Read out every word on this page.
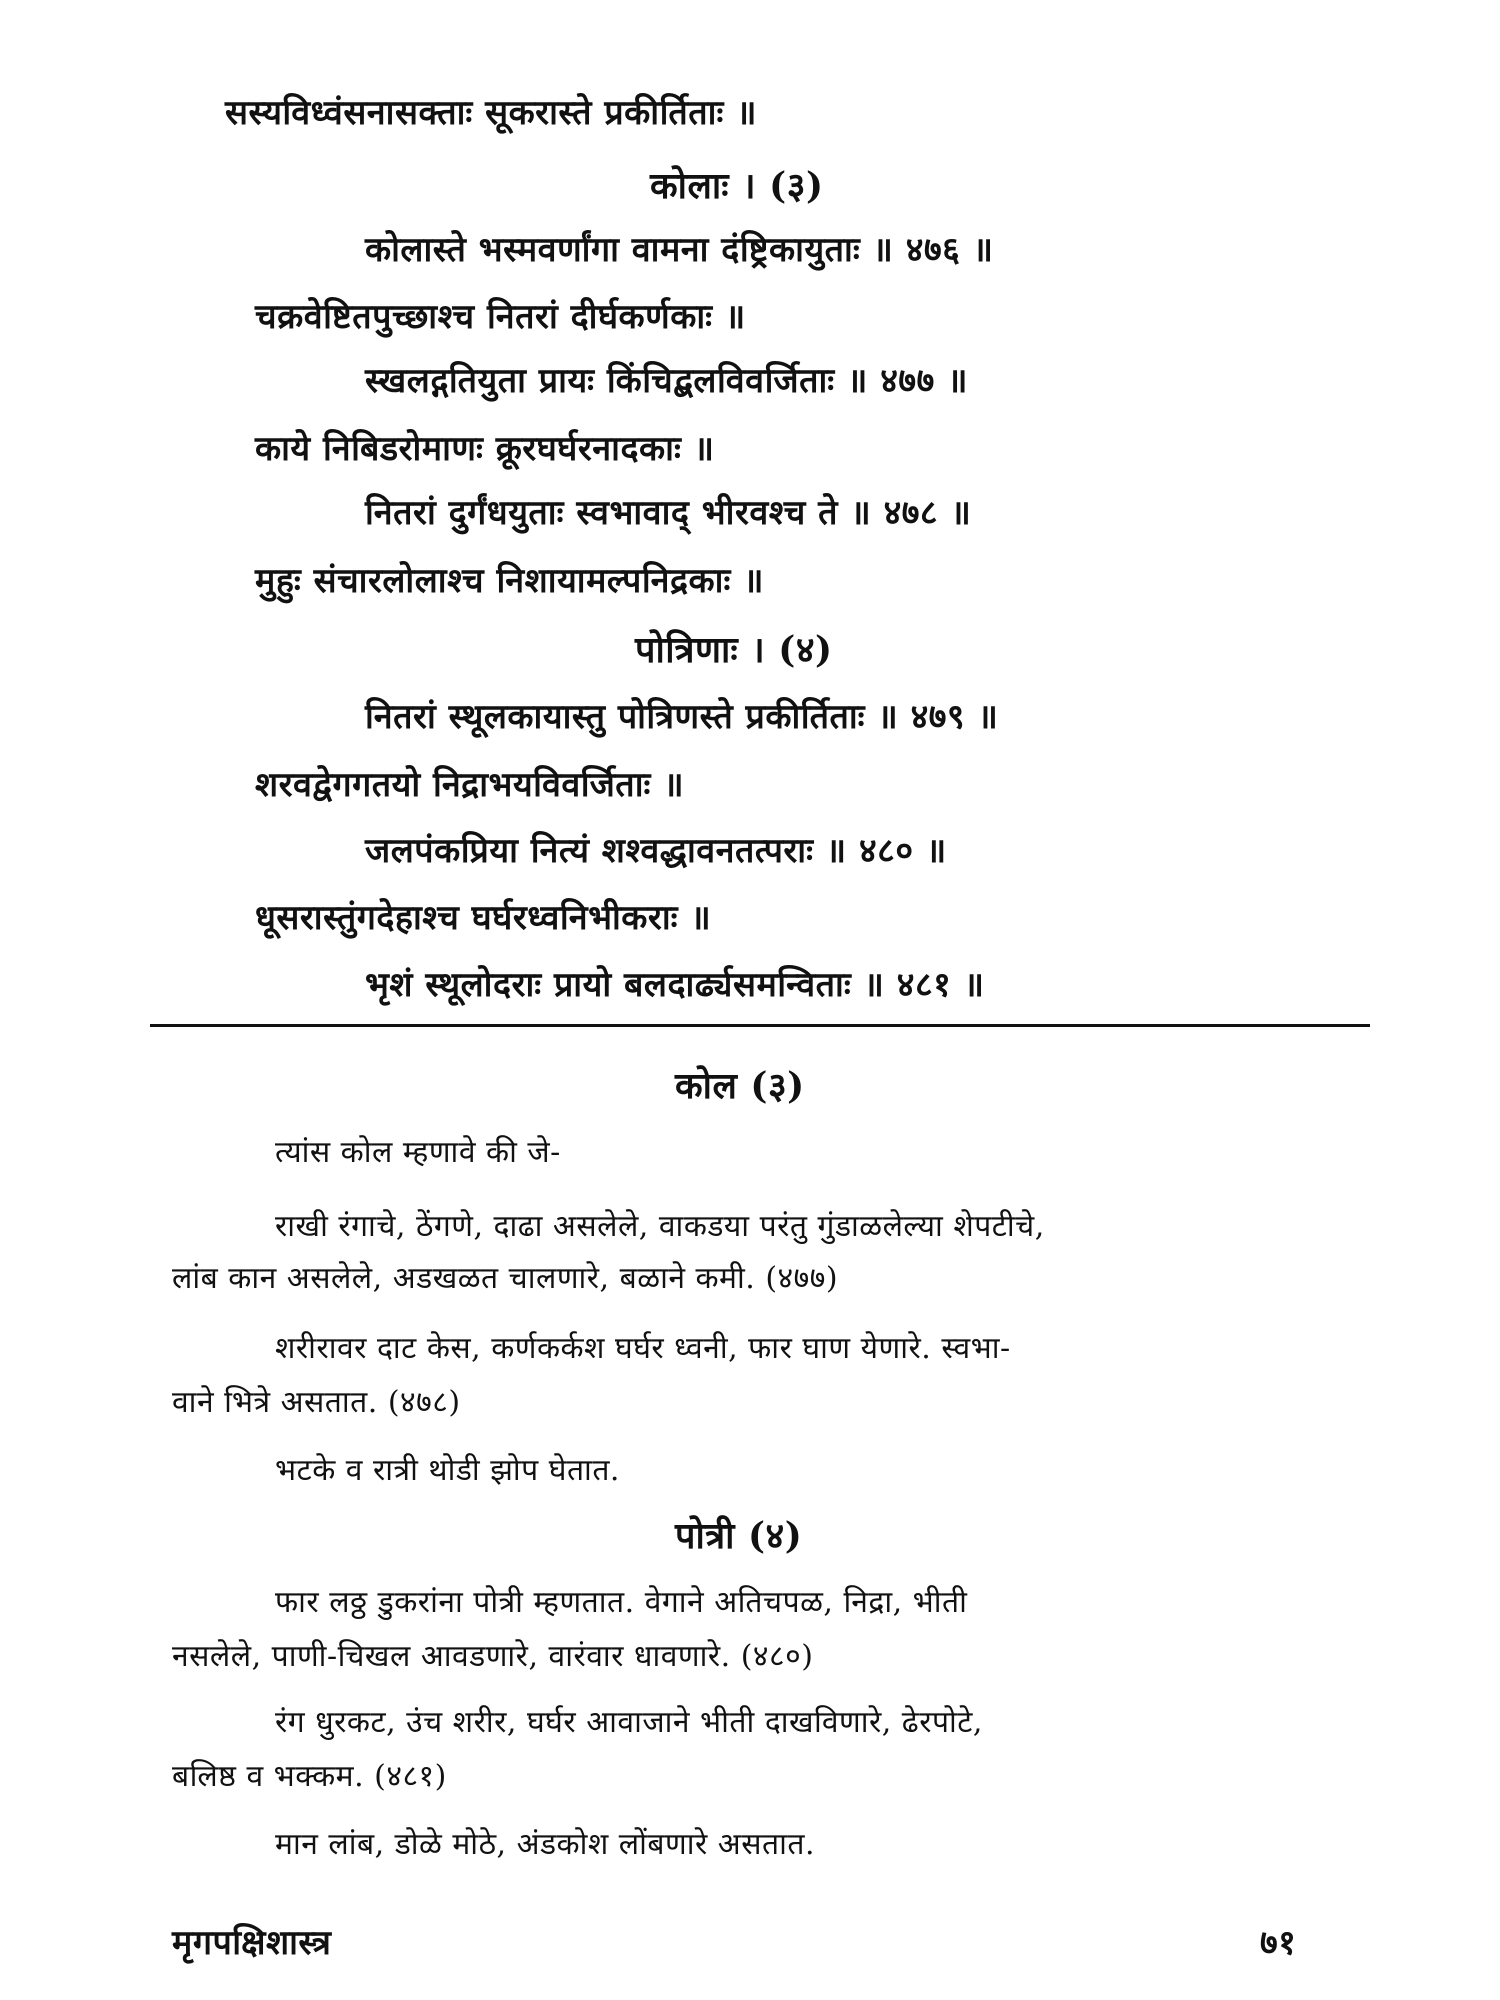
सस्यविध्वंसनासक्ताः सूकरास्ते प्रकीर्तिताः ॥
कोलाः । (३)
कोलास्ते भस्मवर्णांगा वामना दंष्ट्रिकायुताः ॥ ४७६ ॥
चक्रवेष्टितपुच्छाश्च नितरां दीर्घकर्णकाः ॥
स्खलद्गतियुता प्रायः किंचिद्बलविवर्जिताः ॥ ४७७ ॥
काये निबिडरोमाणः क्रूरघर्घरनादकाः ॥
नितरां दुर्गंधयुताः स्वभावाद् भीरवश्च ते ॥ ४७८ ॥
मुहुः संचारलोलाश्च निशायामल्पनिद्रकाः ॥
पोत्रिणाः । (४)
नितरां स्थूलकायास्तु पोत्रिणस्ते प्रकीर्तिताः ॥ ४७९ ॥
शरवद्वेगगतयो निद्राभयविवर्जिताः ॥
जलपंकप्रिया नित्यं शश्वद्धावनतत्पराः ॥ ४८० ॥
धूसरास्तुंगदेहाश्च घर्घरध्वनिभीकराः ॥
भृशं स्थूलोदराः प्रायो बलदार्ढ्यसमन्विताः ॥ ४८१ ॥
कोल (३)
त्यांस कोल म्हणावे की जे-
राखी रंगाचे, ठेंगणे, दाढा असलेले, वाकडया परंतु गुंडाळलेल्या शेपटीचे,
लांब कान असलेले, अडखळत चालणारे, बळाने कमी. (४७७)
शरीरावर दाट केस, कर्णकर्कश घर्घर ध्वनी, फार घाण येणारे. स्वभा-
वाने भित्रे असतात. (४७८)
भटके व रात्री थोडी झोप घेतात.
पोत्री (४)
फार लठ्ठ डुकरांना पोत्री म्हणतात. वेगाने अतिचपळ, निद्रा, भीती
नसलेले, पाणी-चिखल आवडणारे, वारंवार धावणारे. (४८०)
रंग धुरकट, उंच शरीर, घर्घर आवाजाने भीती दाखविणारे, ढेरपोटे,
बलिष्ठ व भक्कम. (४८१)
मान लांब, डोळे मोठे, अंडकोश लोंबणारे असतात.
मृगपक्षिशास्त्र	७१
